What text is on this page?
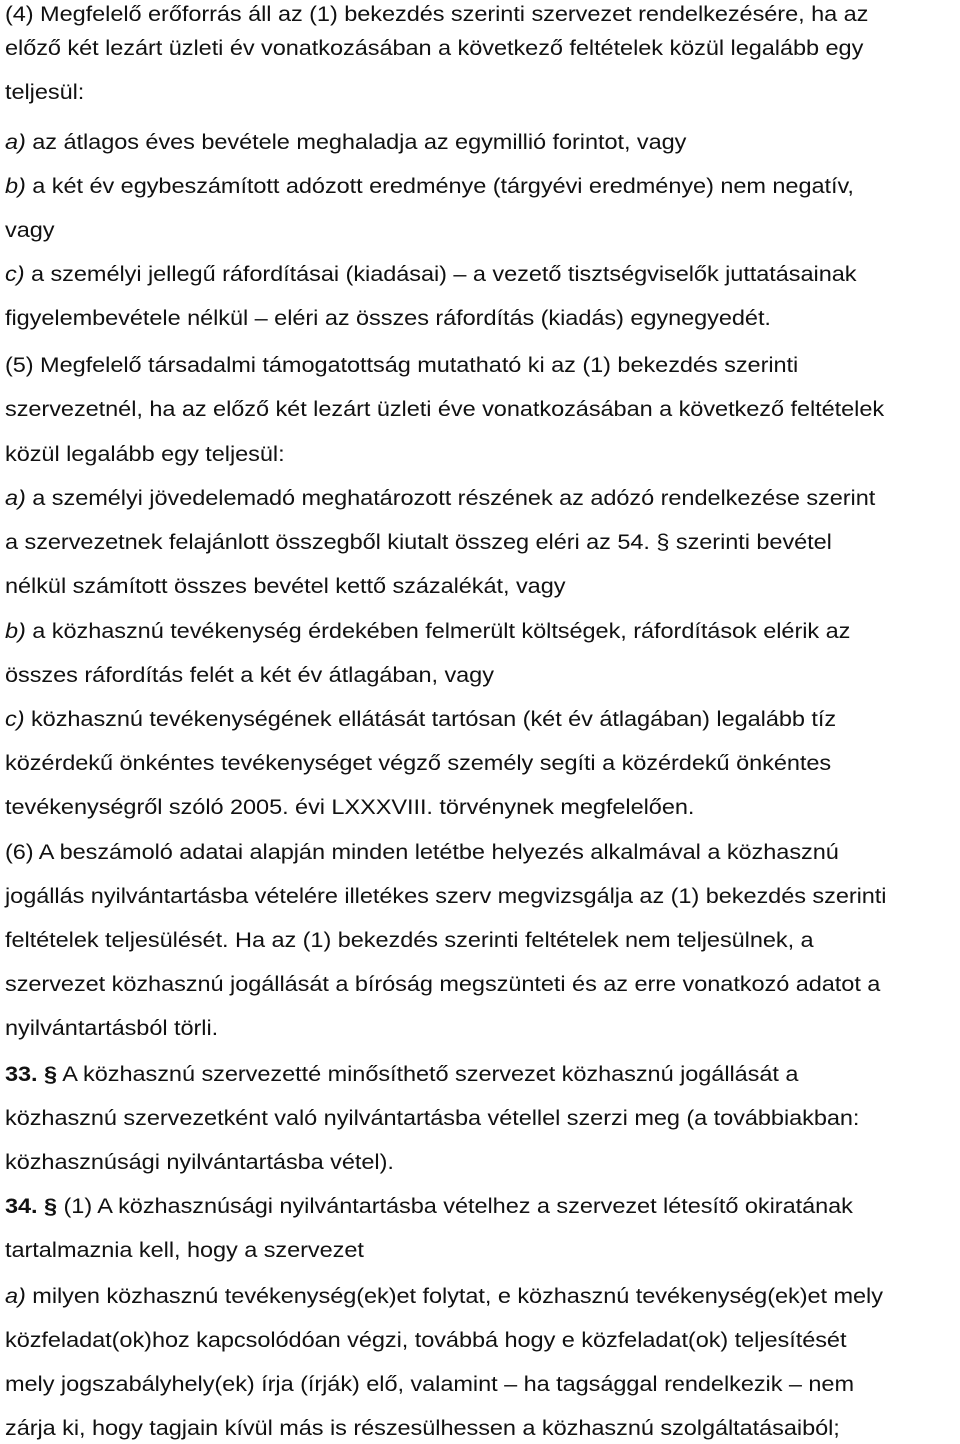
(4) Megfelelő erőforrás áll az (1) bekezdés szerinti szervezet rendelkezésére, ha az
előző két lezárt üzleti év vonatkozásában a következő feltételek közül legalább egy
teljesül:
a) az átlagos éves bevétele meghaladja az egymillió forintot, vagy
b) a két év egybeszámított adózott eredménye (tárgyévi eredménye) nem negatív,
vagy
c) a személyi jellegű ráfordításai (kiadásai) – a vezető tisztségviselők juttatásainak
figyelembevétele nélkül – eléri az összes ráfordítás (kiadás) egynegyedét.
(5) Megfelelő társadalmi támogatottság mutatható ki az (1) bekezdés szerinti
szervezetnél, ha az előző két lezárt üzleti éve vonatkozásában a következő feltételek
közül legalább egy teljesül:
a) a személyi jövedelemadó meghatározott részének az adózó rendelkezése szerint
a szervezetnek felajánlott összegből kiutalt összeg eléri az 54. § szerinti bevétel
nélkül számított összes bevétel kettő százalékát, vagy
b) a közhasznú tevékenység érdekében felmerült költségek, ráfordítások elérik az
összes ráfordítás felét a két év átlagában, vagy
c) közhasznú tevékenységének ellátását tartósan (két év átlagában) legalább tíz
közérdekű önkéntes tevékenységet végző személy segíti a közérdekű önkéntes
tevékenységről szóló 2005. évi LXXXVIII. törvénynek megfelelően.
(6) A beszámoló adatai alapján minden letétbe helyezés alkalmával a közhasznú
jogállás nyilvántartásba vételére illetékes szerv megvizsgálja az (1) bekezdés szerinti
feltételek teljesülését. Ha az (1) bekezdés szerinti feltételek nem teljesülnek, a
szervezet közhasznú jogállását a bíróság megszünteti és az erre vonatkozó adatot a
nyilvántartásból törli.
33. § A közhasznú szervezetté minősíthető szervezet közhasznú jogállását a
közhasznú szervezetként való nyilvántartásba vétellel szerzi meg (a továbbiakban:
közhasznúsági nyilvántartásba vétel).
34. § (1) A közhasznúsági nyilvántartásba vételhez a szervezet létesítő okiratának
tartalmaznia kell, hogy a szervezet
a) milyen közhasznú tevékenység(ek)et folytat, e közhasznú tevékenység(ek)et mely
közfeladat(ok)hoz kapcsolódóan végzi, továbbá hogy e közfeladat(ok) teljesítését
mely jogszabályhely(ek) írja (írják) elő, valamint – ha tagsággal rendelkezik – nem
zárja ki, hogy tagjain kívül más is részesülhessen a közhasznú szolgáltatásaiból;
